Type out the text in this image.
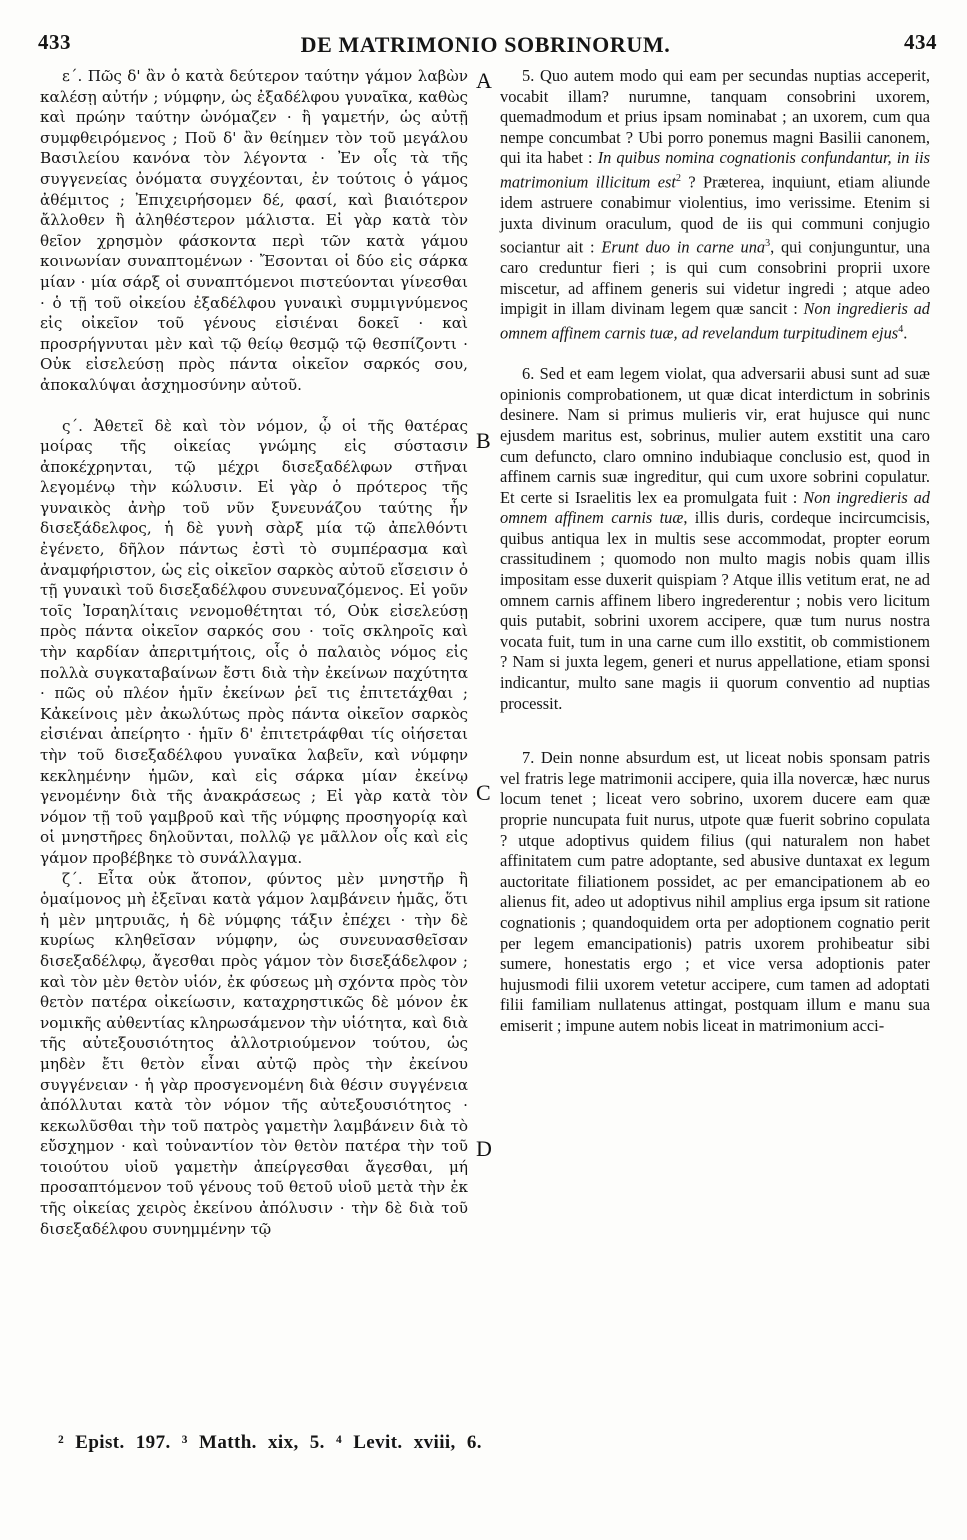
433	DE MATRIMONIO SOBRINORUM.	434

ε΄. Πῶς δ' ἂν ὁ κατὰ δεύτερον ταύτην γάμον λαβὼν καλέσῃ αὐτήν ; νύμφην, ὡς ἐξαδέλφου γυναῖκα, καθὼς καὶ πρώην ταύτην ὠνόμαζεν · ἢ γαμετήν, ὡς αὐτῇ συμφθειρόμενος ; Ποῦ δ' ἂν θείημεν τὸν τοῦ μεγάλου Βασιλείου κανόνα τὸν λέγοντα · Ἐν οἷς τὰ τῆς συγγενείας ὀνόματα συγχέονται, ἐν τούτοις ὁ γάμος ἀθέμιτος ; Ἐπιχειρήσομεν δέ, φασί, καὶ βιαιότερον ἄλλοθεν ἢ ἀληθέστερον μάλιστα. Εἰ γὰρ κατὰ τὸν θεῖον χρησμὸν φάσκοντα περὶ τῶν κατὰ γάμου κοινωνίαν συναπτομένων · Ἔσονται οἱ δύο εἰς σάρκα μίαν · μία σάρξ οἱ συναπτόμενοι πιστεύονται γίνεσθαι · ὁ τῇ τοῦ οἰκείου ἐξαδέλφου γυναικὶ συμμιγνύμενος εἰς οἰκεῖον τοῦ γένους εἰσιέναι δοκεῖ · καὶ προσρήγνυται μὲν καὶ τῷ θείῳ θεσμῷ τῷ θεσπίζοντι · Οὐκ εἰσελεύσῃ πρὸς πάντα οἰκεῖον σαρκός σου, ἀποκαλύψαι ἀσχημοσύνην αὐτοῦ.

ς΄. Ἀθετεῖ δὲ καὶ τὸν νόμον, ᾧ οἱ τῆς θατέρας μοίρας τῆς οἰκείας γνώμης εἰς σύστασιν ἀποκέχρηνται, τῷ μέχρι δισεξαδέλφων στῆναι λεγομένῳ τὴν κώλυσιν. Εἰ γὰρ ὁ πρότερος τῆς γυναικὸς ἀνὴρ τοῦ νῦν ξυνευνάζου ταύτης ἦν δισεξάδελφος, ἡ δὲ γυνὴ σὰρξ μία τῷ ἀπελθόντι ἐγένετο, δῆλον πάντως ἐστὶ τὸ συμπέρασμα καὶ ἀναμφήριστον, ὡς εἰς οἰκεῖον σαρκὸς αὐτοῦ εἴσεισιν ὁ τῇ γυναικὶ τοῦ δισεξαδέλφου συνευναζόμενος. Εἰ γοῦν τοῖς Ἰσραηλίταις νενομοθέτηται τό, Οὐκ εἰσελεύσῃ πρὸς πάντα οἰκεῖον σαρκός σου · τοῖς σκληροῖς καὶ τὴν καρδίαν ἀπεριτμήτοις, οἷς ὁ παλαιὸς νόμος εἰς πολλὰ συγκαταβαίνων ἔστι διὰ τὴν ἐκείνων παχύτητα · πῶς οὐ πλέον ἡμῖν ἐκείνων ῥεῖ τις ἐπιτετάχθαι ; Κἀκείνοις μὲν ἀκωλύτως πρὸς πάντα οἰκεῖον σαρκὸς εἰσιέναι ἀπείρητο · ἡμῖν δ' ἐπιτετράφθαι τίς οἰήσεται τὴν τοῦ δισεξαδέλφου γυναῖκα λαβεῖν, καὶ νύμφην κεκλημένην ἡμῶν, καὶ εἰς σάρκα μίαν ἐκείνῳ γενομένην διὰ τῆς ἀνακράσεως ; Εἰ γὰρ κατὰ τὸν νόμον τῇ τοῦ γαμβροῦ καὶ τῆς νύμφης προσηγορίᾳ καὶ οἱ μνηστῆρες δηλοῦνται, πολλῷ γε μᾶλλον οἷς καὶ εἰς γάμον προβέβηκε τὸ συνάλλαγμα.

ζ΄. Εἶτα οὐκ ἄτοπον, φύντος μὲν μνηστῆρ ἢ ὁμαίμονος μὴ ἐξεῖναι κατὰ γάμον λαμβάνειν ἡμᾶς, ὅτι ἡ μὲν μητρυιᾶς, ἡ δὲ νύμφης τάξιν ἐπέχει · τὴν δὲ κυρίως κληθεῖσαν νύμφην, ὡς συνευνασθεῖσαν δισεξαδέλφῳ, ἄγεσθαι πρὸς γάμον τὸν δισεξάδελφον ; καὶ τὸν μὲν θετὸν υἱόν, ἐκ φύσεως μὴ σχόντα πρὸς τὸν θετὸν πατέρα οἰκείωσιν, καταχρηστικῶς δὲ μόνον ἐκ νομικῆς αὐθεντίας κληρωσάμενον τὴν υἱότητα, καὶ διὰ τῆς αὐτεξουσιότητος ἀλλοτριούμενον τούτου, ὡς μηδὲν ἔτι θετὸν εἶναι αὐτῷ πρὸς τὴν ἐκείνου συγγένειαν · ἡ γὰρ προσγενομένη διὰ θέσιν συγγένεια ἀπόλλυται κατὰ τὸν νόμον τῆς αὐτεξουσιότητος · κεκωλῦσθαι τὴν τοῦ πατρὸς γαμετὴν λαμβάνειν διὰ τὸ εὔσχημον · καὶ τοὐναντίον τὸν θετὸν πατέρα τὴν τοῦ τοιούτου υἱοῦ γαμετὴν ἀπείργεσθαι ἄγεσθαι, μή προσαπτόμενον τοῦ γένους τοῦ θετοῦ υἱοῦ μετὰ τὴν ἐκ τῆς οἰκείας χειρὸς ἐκείνου ἀπόλυσιν · τὴν δὲ διὰ τοῦ δισεξαδέλφου συνημμένην τῷ

5. Quo autem modo qui eam per secundas nuptias acceperit, vocabit illam? nurumne, tanquam consobrini uxorem, quemadmodum et prius ipsam nominabat ; an uxorem, cum qua nempe concumbat ? Ubi porro ponemus magni Basilii canonem, qui ita habet : In quibus nomina cognationis confundantur, in iis matrimonium illicitum est$^2$ ? Præterea, inquiunt, etiam aliunde idem astruere conabimur violentius, imo verissime. Etenim si juxta divinum oraculum, quod de iis qui communi conjugio sociantur ait : Erunt duo in carne una$^3$, qui conjunguntur, una caro creduntur fieri ; is qui cum consobrini proprii uxore miscetur, ad affinem generis sui videtur ingredi ; atque adeo impigit in illam divinam legem quæ sancit : Non ingredieris ad omnem affinem carnis tuæ, ad revelandum turpitudinem ejus$^4$.

6. Sed et eam legem violat, qua adversarii abusi sunt ad suæ opinionis comprobationem, ut quæ dicat interdictum in sobrinis desinere. Nam si primus mulieris vir, erat hujusce qui nunc ejusdem maritus est, sobrinus, mulier autem exstitit una caro cum defuncto, claro omnino indubiaque conclusio est, quod in affinem carnis suæ ingreditur, qui cum uxore sobrini copulatur. Et certe si Israelitis lex ea promulgata fuit : Non ingredieris ad omnem affinem carnis tuæ, illis duris, cordeque incircumcisis, quibus antiqua lex in multis sese accommodat, propter eorum crassitudinem ; quomodo non multo magis nobis quam illis impositam esse duxerit quispiam ? Atque illis vetitum erat, ne ad omnem carnis affinem libero ingrederentur ; nobis vero licitum quis putabit, sobrini uxorem accipere, quæ tum nurus nostra vocata fuit, tum in una carne cum illo exstitit, ob commistionem ? Nam si juxta legem, generi et nurus appellatione, etiam sponsi indicantur, multo sane magis ii quorum conventio ad nuptias processit.

7. Dein nonne absurdum est, ut liceat nobis sponsam patris vel fratris lege matrimonii accipere, quia illa novercæ, hæc nurus locum tenet ; liceat vero sobrino, uxorem ducere eam quæ proprie nuncupata fuit nurus, utpote quæ fuerit sobrino copulata ? utque adoptivus quidem filius (qui naturalem non habet affinitatem cum patre adoptante, sed abusive duntaxat ex legum auctoritate filiationem possidet, ac per emancipationem ab eo alienus fit, adeo ut adoptivus nihil amplius erga ipsum sit ratione cognationis ; quandoquidem orta per adoptionem cognatio perit per legem emancipationis) patris uxorem prohibeatur sibi sumere, honestatis ergo ; et vice versa adoptionis pater hujusmodi filii uxorem vetetur accipere, cum tamen ad adoptati filii familiam nullatenus attingat, postquam illum e manu sua emiserit ; impune autem nobis liceat in matrimonium acci-

A
B
C
D
² Epist. 197. ³ Matth. xix, 5. ⁴ Levit. xviii, 6.
